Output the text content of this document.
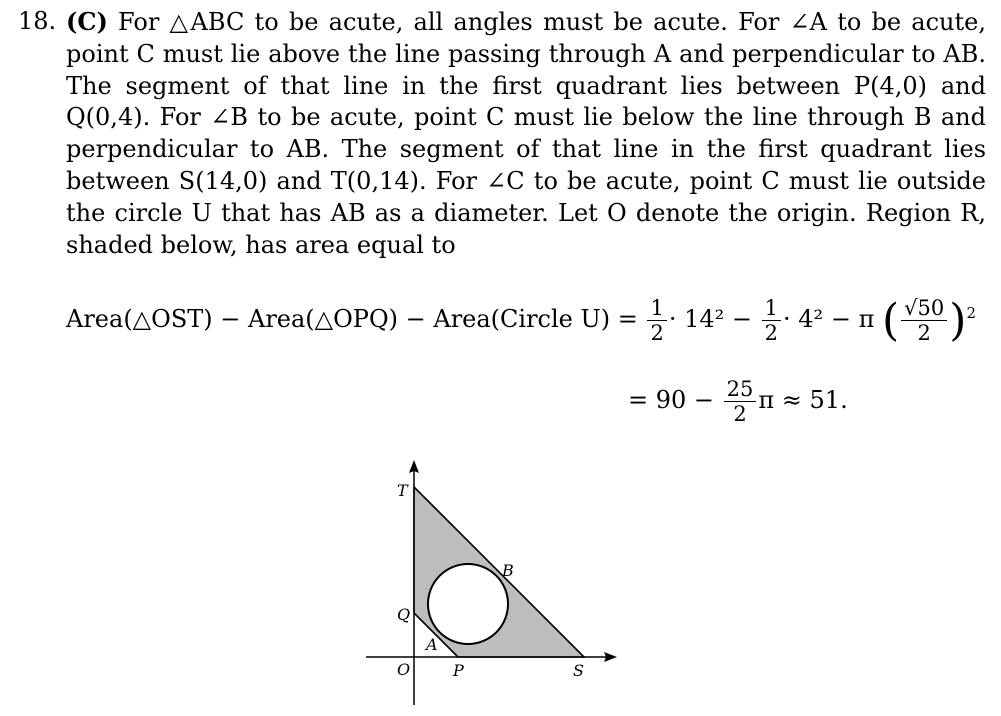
18. (C) For △ABC to be acute, all angles must be acute. For ∠A to be acute, point C must lie above the line passing through A and perpendicular to AB. The segment of that line in the first quadrant lies between P(4,0) and Q(0,4). For ∠B to be acute, point C must lie below the line through B and perpendicular to AB. The segment of that line in the first quadrant lies between S(14,0) and T(0,14). For ∠C to be acute, point C must lie outside the circle U that has AB as a diameter. Let O denote the origin. Region R, shaded below, has area equal to
Area(△OST) − Area(△OPQ) − Area(Circle $U) = \frac{1}{2} \cdot 14^2 - \frac{1}{2} \cdot 4^2 - \pi$ ( $\frac{√50}{2} )^2$
= $90 - \frac{25}{2}$ π ≈ 51.
T
Q
B
A
O	P	S
